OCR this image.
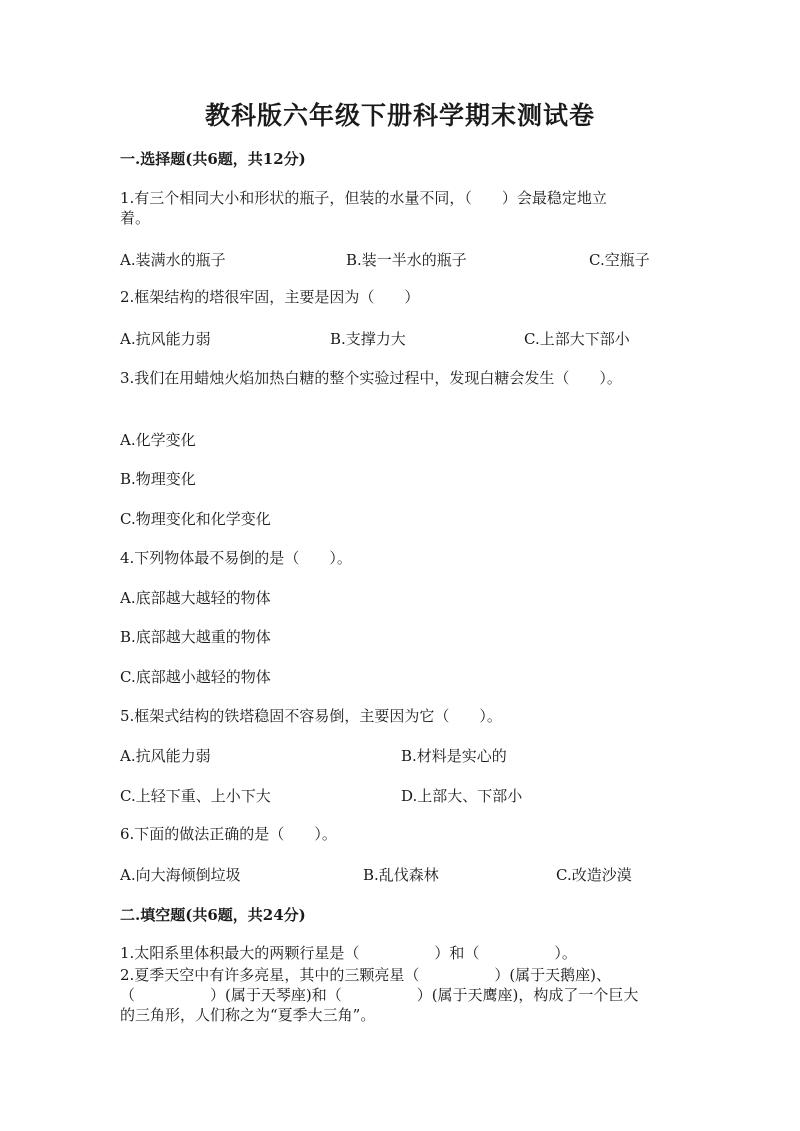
教科版六年级下册科学期末测试卷
一.选择题(共6题，共12分)
1.有三个相同大小和形状的瓶子，但装的水量不同，（　　）会最稳定地立
着。
A.装满水的瓶子	B.装一半水的瓶子	C.空瓶子
2.框架结构的塔很牢固，主要是因为（　　）
A.抗风能力弱	B.支撑力大	C.上部大下部小
3.我们在用蜡烛火焰加热白糖的整个实验过程中，发现白糖会发生（　　）。
A.化学变化
B.物理变化
C.物理变化和化学变化
4.下列物体最不易倒的是（　　）。
A.底部越大越轻的物体
B.底部越大越重的物体
C.底部越小越轻的物体
5.框架式结构的铁塔稳固不容易倒，主要因为它（　　）。
A.抗风能力弱	B.材料是实心的
C.上轻下重、上小下大	D.上部大、下部小
6.下面的做法正确的是（　　）。
A.向大海倾倒垃圾	B.乱伐森林	C.改造沙漠
二.填空题(共6题，共24分)
1.太阳系里体积最大的两颗行星是（　　　　　）和（　　　　　）。
2.夏季天空中有许多亮星，其中的三颗亮星（　　　　　）(属于天鹅座)、
（　　　　　）(属于天琴座)和（　　　　　）(属于天鹰座)，构成了一个巨大
的三角形，人们称之为“夏季大三角”。
